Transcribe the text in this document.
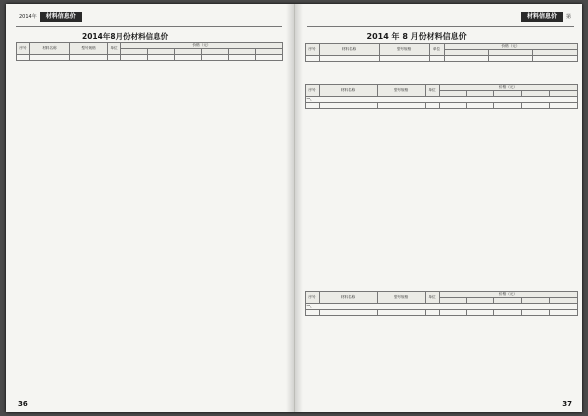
2014年	材料信息价
2014年8月份材料信息价
序号	材料名称	型号规格	单位	价格（元）					

36
第
材料信息价
2014 年 8 月份材料信息价
序号	材料名称	型号规格	单位	价格（元）		

序号	材料名称	型号规格	单位	价格（元）				

一、								

序号	材料名称	型号规格	单位	价格（元）				

一、								

37
